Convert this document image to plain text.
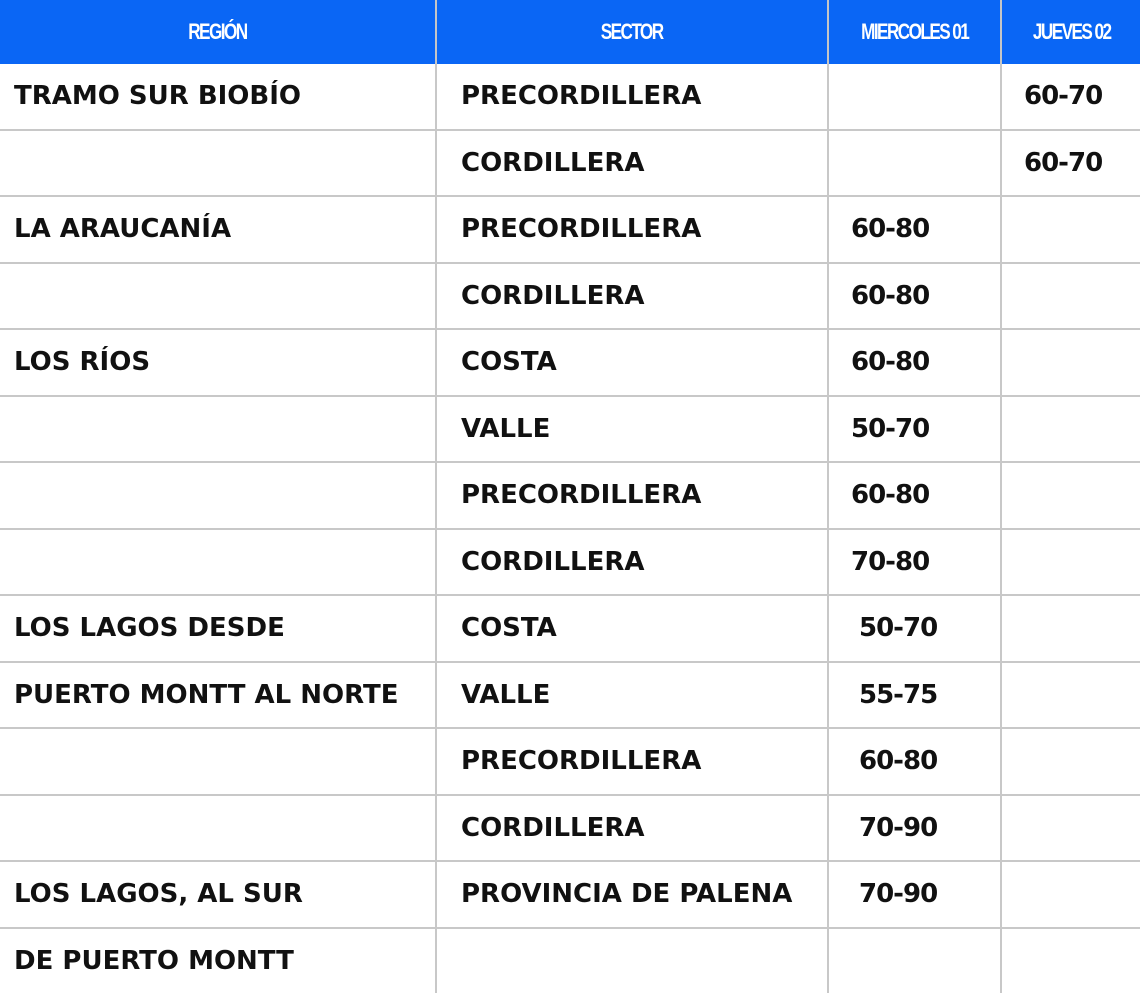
REGIÓN	SECTOR	MIERCOLES 01	JUEVES 02
TRAMO SUR BIOBÍO	PRECORDILLERA		60-70
	CORDILLERA		60-70
LA ARAUCANÍA	PRECORDILLERA	60-80	
	CORDILLERA	60-80	
LOS RÍOS	COSTA	60-80	
	VALLE	50-70	
	PRECORDILLERA	60-80	
	CORDILLERA	70-80	
LOS LAGOS DESDE	COSTA	50-70	
PUERTO MONTT AL NORTE	VALLE	55-75	
	PRECORDILLERA	60-80	
	CORDILLERA	70-90	
LOS LAGOS, AL SUR	PROVINCIA DE PALENA	70-90	
DE PUERTO MONTT			
